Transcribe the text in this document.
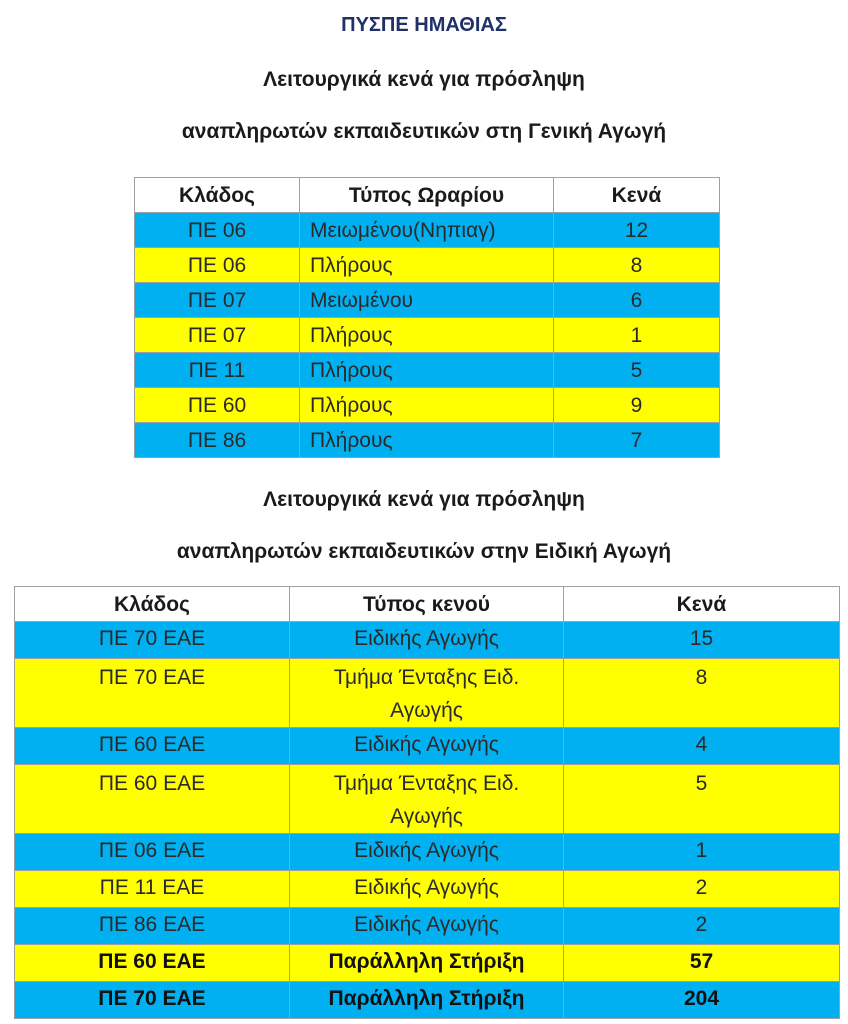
ΠΥΣΠΕ ΗΜΑΘΙΑΣ
Λειτουργικά κενά για πρόσληψη
αναπληρωτών εκπαιδευτικών στη Γενική Αγωγή
Κλάδος	Τύπος Ωραρίου	Κενά
ΠΕ 06	Μειωμένου(Νηπιαγ)	12
ΠΕ 06	Πλήρους	8
ΠΕ 07	Μειωμένου	6
ΠΕ 07	Πλήρους	1
ΠΕ 11	Πλήρους	5
ΠΕ 60	Πλήρους	9
ΠΕ 86	Πλήρους	7
Λειτουργικά κενά για πρόσληψη
αναπληρωτών εκπαιδευτικών στην Ειδική Αγωγή
Κλάδος	Τύπος κενού	Κενά
ΠΕ 70 ΕΑΕ	Ειδικής Αγωγής	15
ΠΕ 70 ΕΑΕ	Τμήμα Ένταξης Ειδ.
Αγωγής	8
ΠΕ 60 ΕΑΕ	Ειδικής Αγωγής	4
ΠΕ 60 ΕΑΕ	Τμήμα Ένταξης Ειδ.
Αγωγής	5
ΠΕ 06 ΕΑΕ	Ειδικής Αγωγής	1
ΠΕ 11 ΕΑΕ	Ειδικής Αγωγής	2
ΠΕ 86 ΕΑΕ	Ειδικής Αγωγής	2
ΠΕ 60 ΕΑΕ	Παράλληλη Στήριξη	57
ΠΕ 70 ΕΑΕ	Παράλληλη Στήριξη	204
